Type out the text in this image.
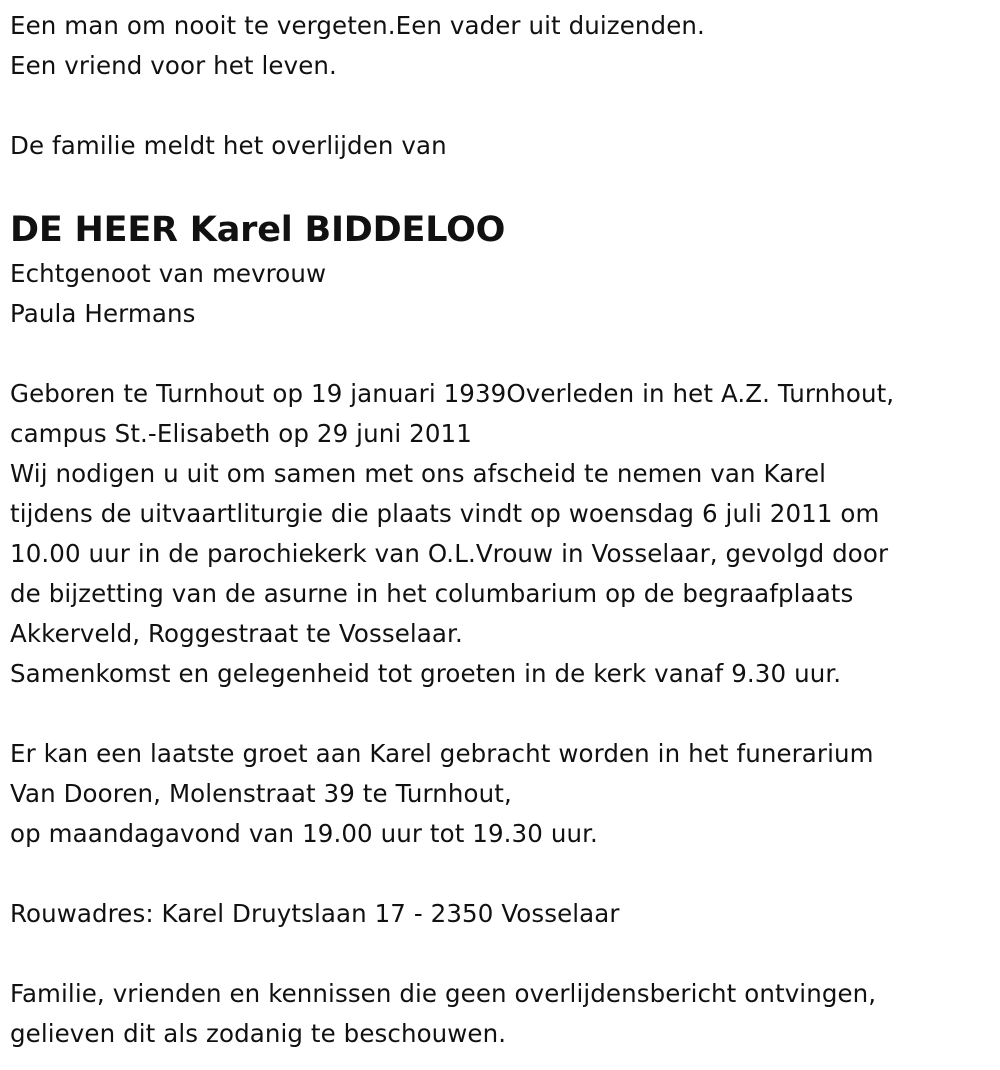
Een man om nooit te vergeten.Een vader uit duizenden.
Een vriend voor het leven.
De familie meldt het overlijden van
DE HEER Karel BIDDELOO
Echtgenoot van mevrouw
Paula Hermans
Geboren te Turnhout op 19 januari 1939Overleden in het A.Z. Turnhout,
campus St.-Elisabeth op 29 juni 2011
Wij nodigen u uit om samen met ons afscheid te nemen van Karel
tijdens de uitvaartliturgie die plaats vindt op woensdag 6 juli 2011 om
10.00 uur in de parochiekerk van O.L.Vrouw in Vosselaar, gevolgd door
de bijzetting van de asurne in het columbarium op de begraafplaats
Akkerveld, Roggestraat te Vosselaar.
Samenkomst en gelegenheid tot groeten in de kerk vanaf 9.30 uur.
Er kan een laatste groet aan Karel gebracht worden in het funerarium
Van Dooren, Molenstraat 39 te Turnhout,
op maandagavond van 19.00 uur tot 19.30 uur.
Rouwadres: Karel Druytslaan 17 - 2350 Vosselaar
Familie, vrienden en kennissen die geen overlijdensbericht ontvingen,
gelieven dit als zodanig te beschouwen.
